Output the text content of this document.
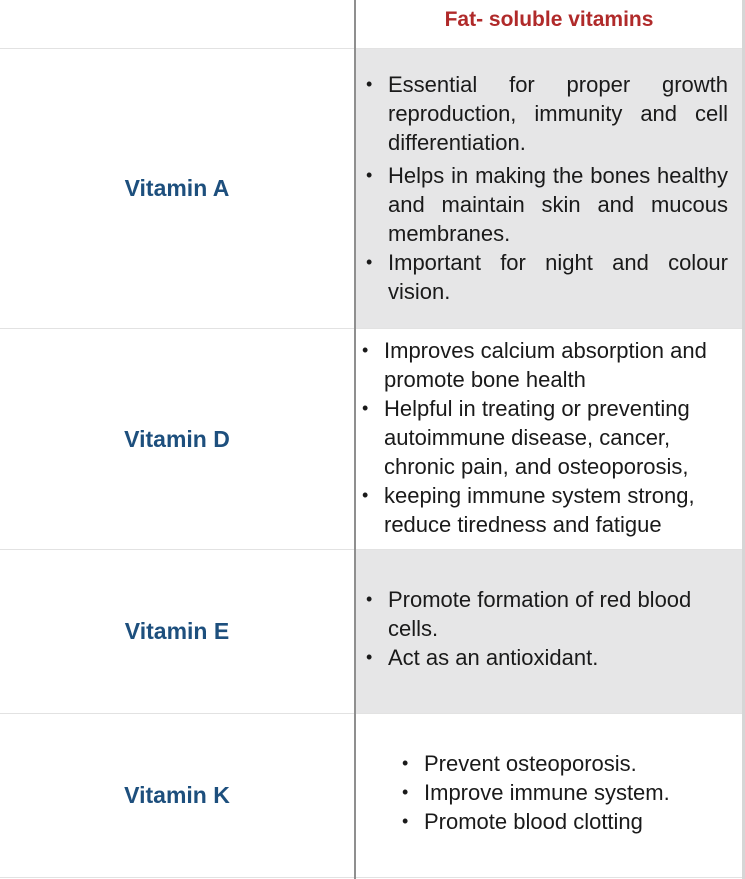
Fat- soluble vitamins
Vitamin A
• Essential for proper growth reproduction, immunity and cell differentiation.
• Helps in making the bones healthy and maintain skin and mucous membranes.
• Important for night and colour vision.
Vitamin D
• Improves calcium absorption and promote bone health
• Helpful in treating or preventing autoimmune disease, cancer, chronic pain, and osteoporosis,
• keeping immune system strong, reduce tiredness and fatigue
Vitamin E
• Promote formation of red blood cells.
• Act as an antioxidant.
Vitamin K
• Prevent osteoporosis.
• Improve immune system.
• Promote blood clotting
